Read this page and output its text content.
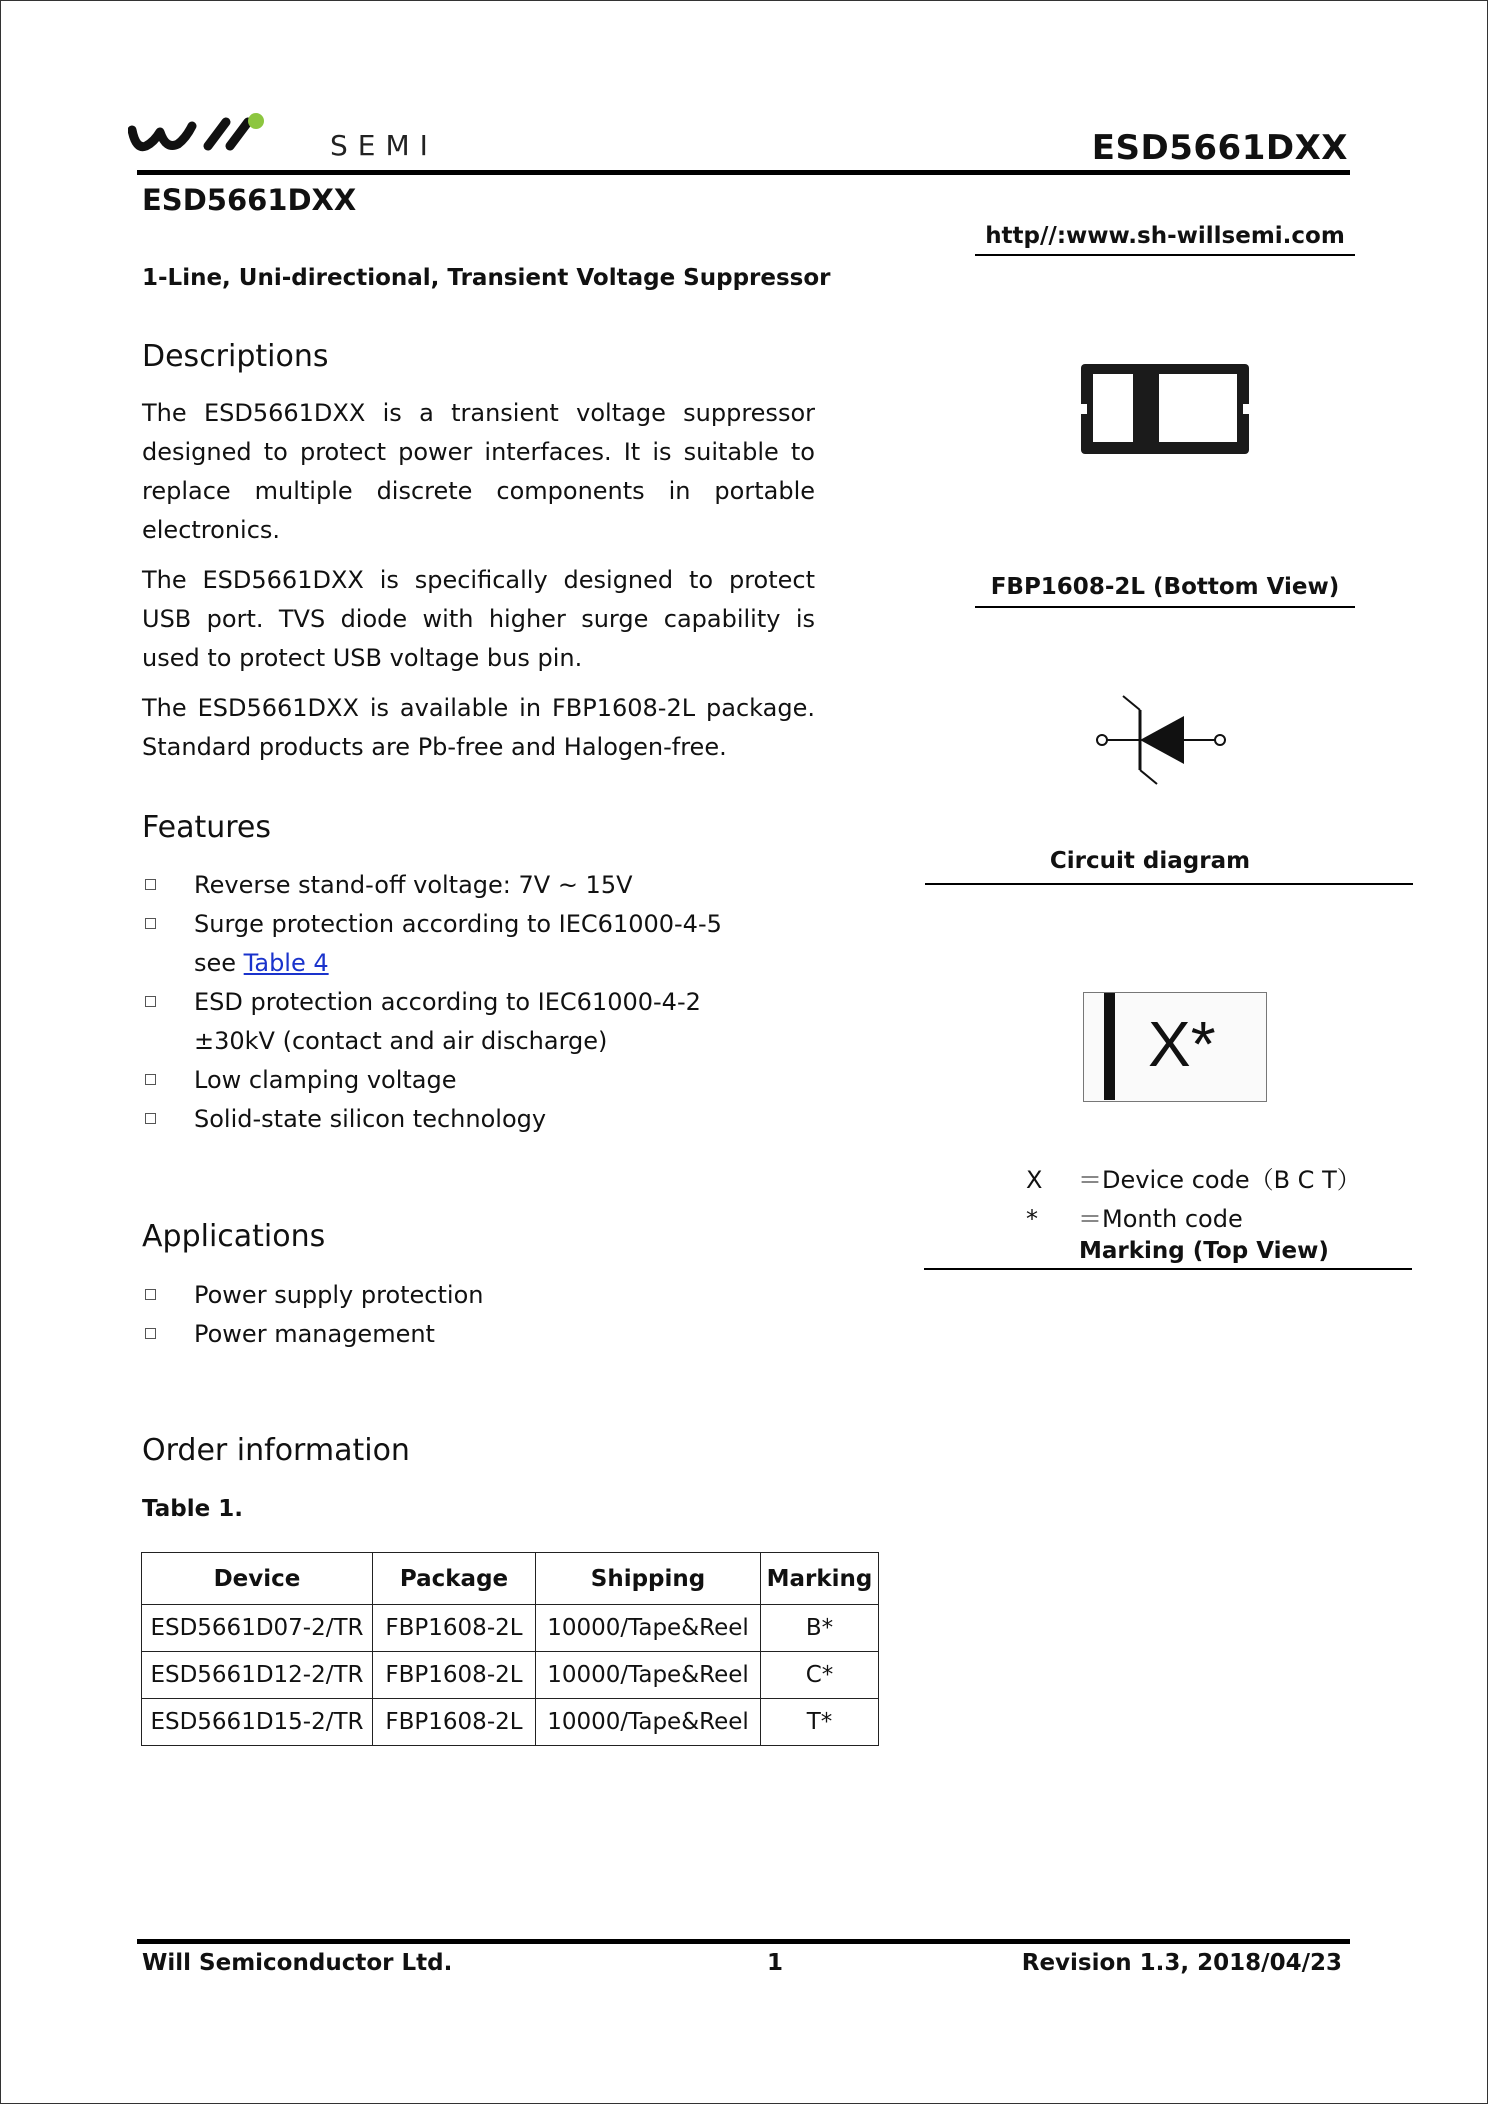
SEMI	ESD5661DXX
ESD5661DXX
1-Line, Uni-directional, Transient Voltage Suppressor
Descriptions

The ESD5661DXX is a transient voltage suppressor designed to protect power interfaces. It is suitable to replace multiple discrete components in portable electronics.

The ESD5661DXX is specifically designed to protect USB port. TVS diode with higher surge capability is used to protect USB voltage bus pin.

The ESD5661DXX is available in FBP1608-2L package. Standard products are Pb-free and Halogen-free.

Features
Reverse stand-off voltage: 7V ~ 15V
Surge protection according to IEC61000-4-5
see Table 4
ESD protection according to IEC61000-4-2
±30kV (contact and air discharge)
Low clamping voltage
Solid-state silicon technology
Applications
Power supply protection
Power management
Order information
Table 1.
Device	Package	Shipping	Marking
ESD5661D07-2/TR	FBP1608-2L	10000/Tape&Reel	B*
ESD5661D12-2/TR	FBP1608-2L	10000/Tape&Reel	C*
ESD5661D15-2/TR	FBP1608-2L	10000/Tape&Reel	T*
http//:www.sh-willsemi.com
FBP1608-2L (Bottom View)
Circuit diagram
X*
X ＝Device code（B C T）
* ＝Month code
Marking (Top View)
Will Semiconductor Ltd.	1	Revision 1.3, 2018/04/23
